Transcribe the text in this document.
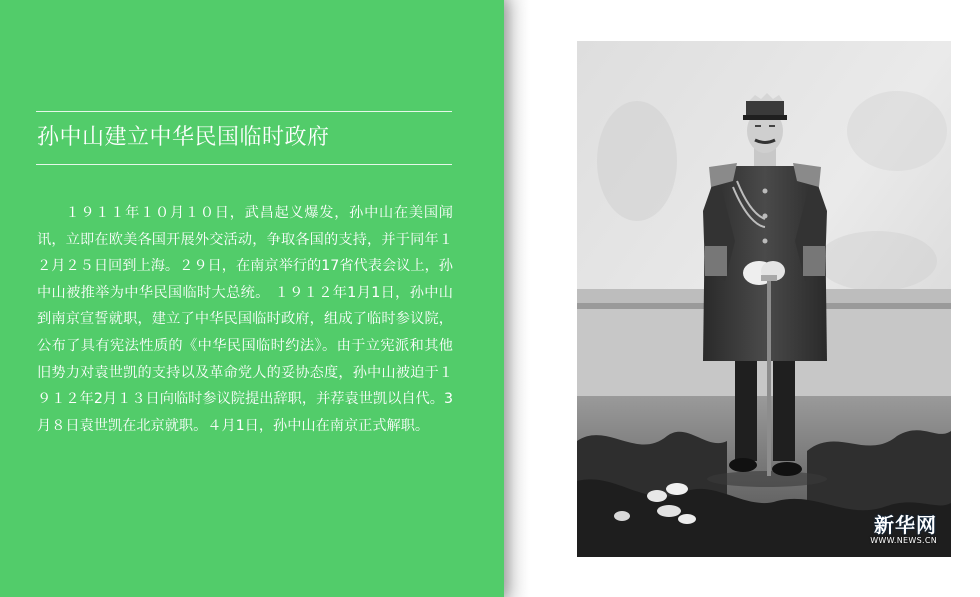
孙中山建立中华民国临时政府

１９１１年１０月１０日，武昌起义爆发，孙中山在美国闻讯，立即在欧美各国开展外交活动，争取各国的支持，并于同年１２月２５日回到上海。２９日，在南京举行的17省代表会议上，孙中山被推举为中华民国临时大总统。 １９１２年1月1日，孙中山到南京宣誓就职，建立了中华民国临时政府，组成了临时参议院，公布了具有宪法性质的《中华民国临时约法》。由于立宪派和其他旧势力对袁世凯的支持以及革命党人的妥协态度，孙中山被迫于１９１２年2月１３日向临时参议院提出辞职，并荐袁世凯以自代。3月８日袁世凯在北京就职。４月1日，孙中山在南京正式解职。

新华网
WWW.NEWS.CN
